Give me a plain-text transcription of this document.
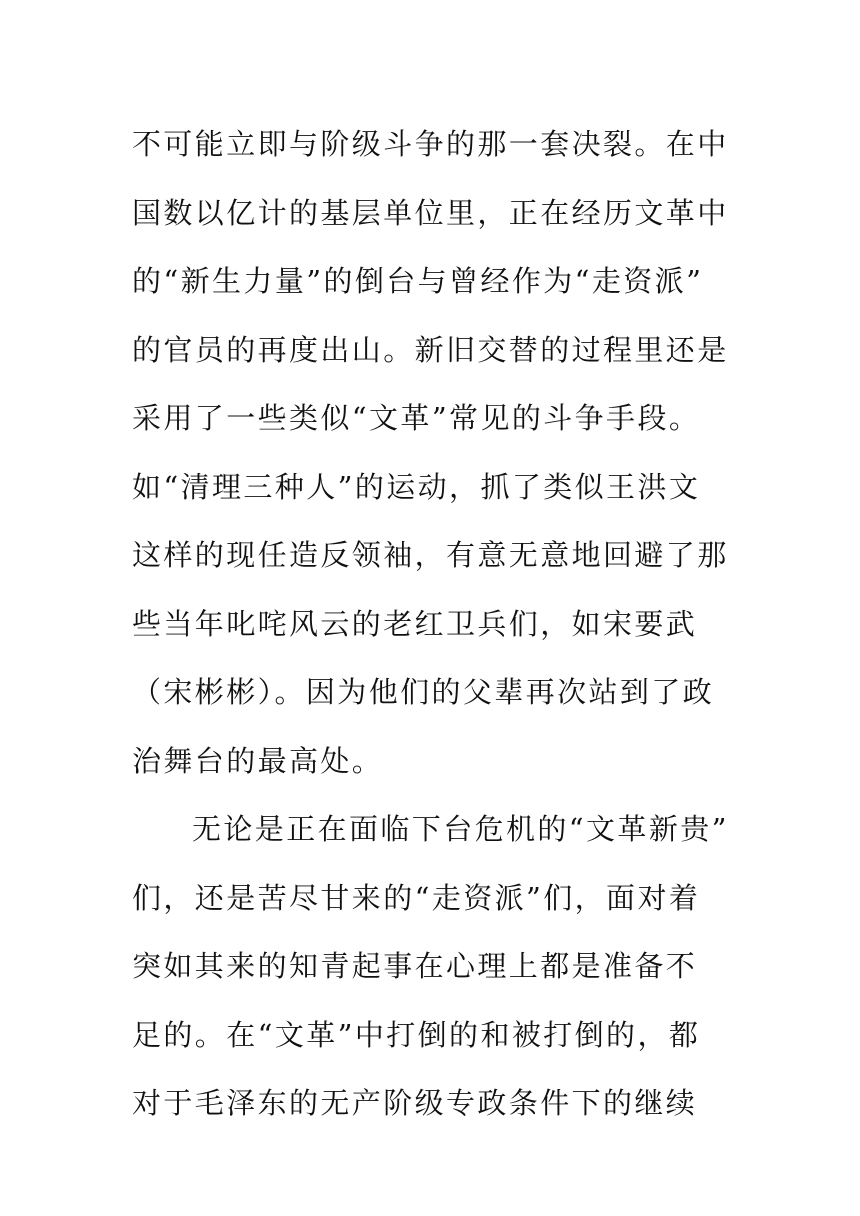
不可能立即与阶级斗争的那一套决裂。在中
国数以亿计的基层单位里，正在经历文革中
的“新生力量”的倒台与曾经作为“走资派”
的官员的再度出山。新旧交替的过程里还是
采用了一些类似“文革”常见的斗争手段。
如“清理三种人”的运动，抓了类似王洪文
这样的现任造反领袖，有意无意地回避了那
些当年叱咤风云的老红卫兵们，如宋要武
（宋彬彬）。因为他们的父辈再次站到了政
治舞台的最高处。
无论是正在面临下台危机的“文革新贵”
们，还是苦尽甘来的“走资派”们，面对着
突如其来的知青起事在心理上都是准备不
足的。在“文革”中打倒的和被打倒的，都
对于毛泽东的无产阶级专政条件下的继续
